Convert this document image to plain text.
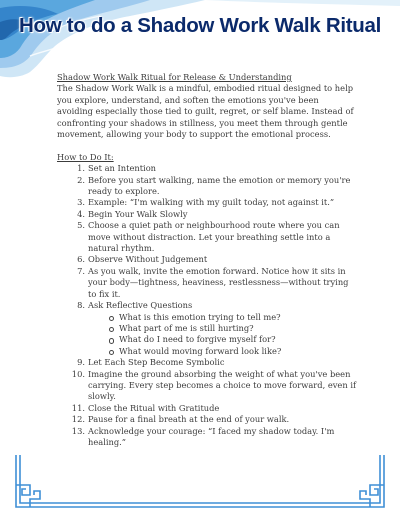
How to do a Shadow Work Walk Ritual
Shadow Work Walk Ritual for Release & Understanding

The Shadow Work Walk is a mindful, embodied ritual designed to help you explore, understand, and soften the emotions you've been avoiding especially those tied to guilt, regret, or self blame. Instead of confronting your shadows in stillness, you meet them through gentle movement, allowing your body to support the emotional process.

How to Do It:
1. Set an Intention
2. Before you start walking, name the emotion or memory you're ready to explore.
3. Example: “I'm walking with my guilt today, not against it.”
4. Begin Your Walk Slowly
5. Choose a quiet path or neighbourhood route where you can move without distraction. Let your breathing settle into a natural rhythm.
6. Observe Without Judgement
7. As you walk, invite the emotion forward. Notice how it sits in your body—tightness, heaviness, restlessness—without trying to fix it.
8. Ask Reflective Questions
What is this emotion trying to tell me?
What part of me is still hurting?
What do I need to forgive myself for?
What would moving forward look like?
9. Let Each Step Become Symbolic
10. Imagine the ground absorbing the weight of what you've been carrying. Every step becomes a choice to move forward, even if slowly.
11. Close the Ritual with Gratitude
12. Pause for a final breath at the end of your walk.
13. Acknowledge your courage: “I faced my shadow today. I'm healing.”
